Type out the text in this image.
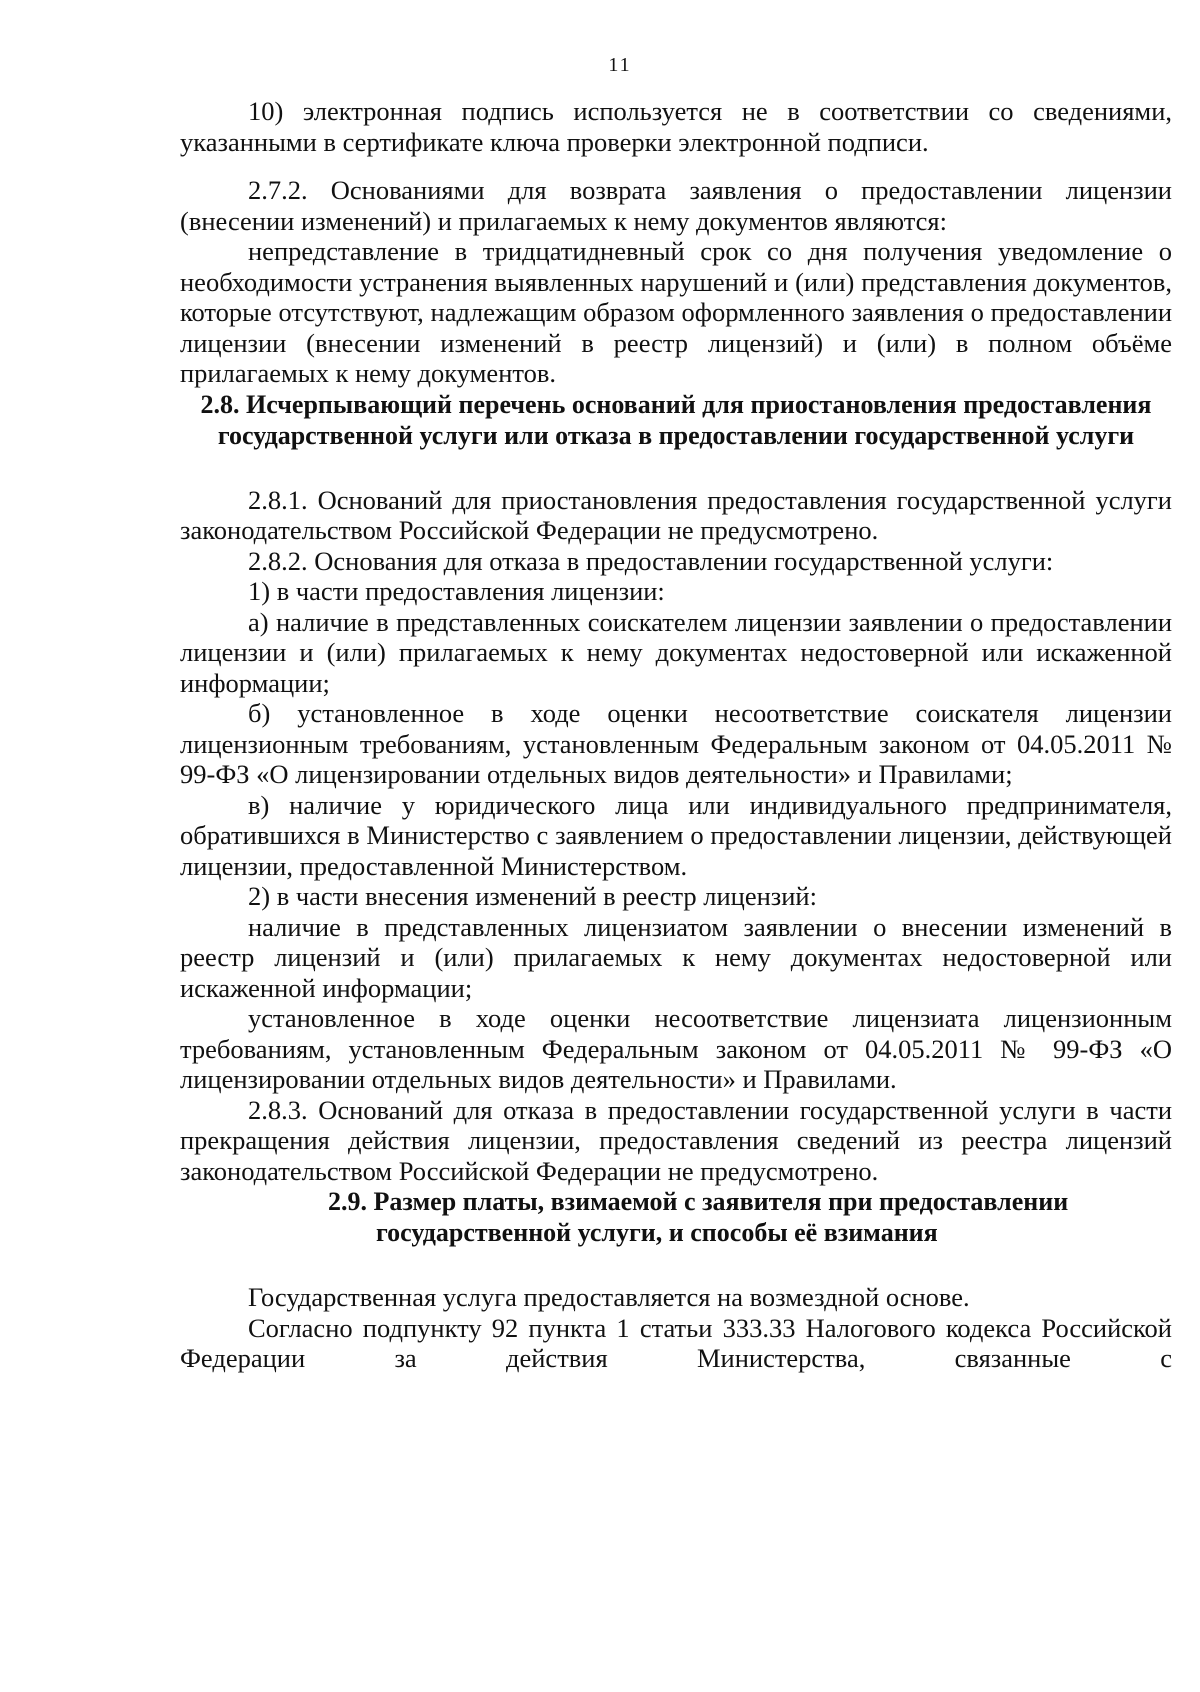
11

10) электронная подпись используется не в соответствии со сведениями, указанными в сертификате ключа проверки электронной подписи.

2.7.2. Основаниями для возврата заявления о предоставлении лицензии (внесении изменений) и прилагаемых к нему документов являются:

непредставление в тридцатидневный срок со дня получения уведомление о необходимости устранения выявленных нарушений и (или) представления документов, которые отсутствуют, надлежащим образом оформленного заявления о предоставлении лицензии (внесении изменений в реестр лицензий) и (или) в полном объёме прилагаемых к нему документов.

2.8. Исчерпывающий перечень оснований для приостановления предоставления государственной услуги или отказа в предоставлении государственной услуги

2.8.1. Оснований для приостановления предоставления государственной услуги законодательством Российской Федерации не предусмотрено.

2.8.2. Основания для отказа в предоставлении государственной услуги:

1) в части предоставления лицензии:

а) наличие в представленных соискателем лицензии заявлении о предоставлении лицензии и (или) прилагаемых к нему документах недостоверной или искаженной информации;

б) установленное в ходе оценки несоответствие соискателя лицензии лицензионным требованиям, установленным Федеральным законом от 04.05.2011 № 99-ФЗ «О лицензировании отдельных видов деятельности» и Правилами;

в) наличие у юридического лица или индивидуального предпринимателя, обратившихся в Министерство с заявлением о предоставлении лицензии, действующей лицензии, предоставленной Министерством.

2) в части внесения изменений в реестр лицензий:

наличие в представленных лицензиатом заявлении о внесении изменений в реестр лицензий и (или) прилагаемых к нему документах недостоверной или искаженной информации;

установленное в ходе оценки несоответствие лицензиата лицензионным требованиям, установленным Федеральным законом от 04.05.2011 № 99-ФЗ «О лицензировании отдельных видов деятельности» и Правилами.

2.8.3. Оснований для отказа в предоставлении государственной услуги в части прекращения действия лицензии, предоставления сведений из реестра лицензий законодательством Российской Федерации не предусмотрено.

2.9. Размер платы, взимаемой с заявителя при предоставлении
государственной услуги, и способы её взимания

Государственная услуга предоставляется на возмездной основе.

Согласно подпункту 92 пункта 1 статьи 333.33 Налогового кодекса Российской Федерации за действия Министерства, связанные с
